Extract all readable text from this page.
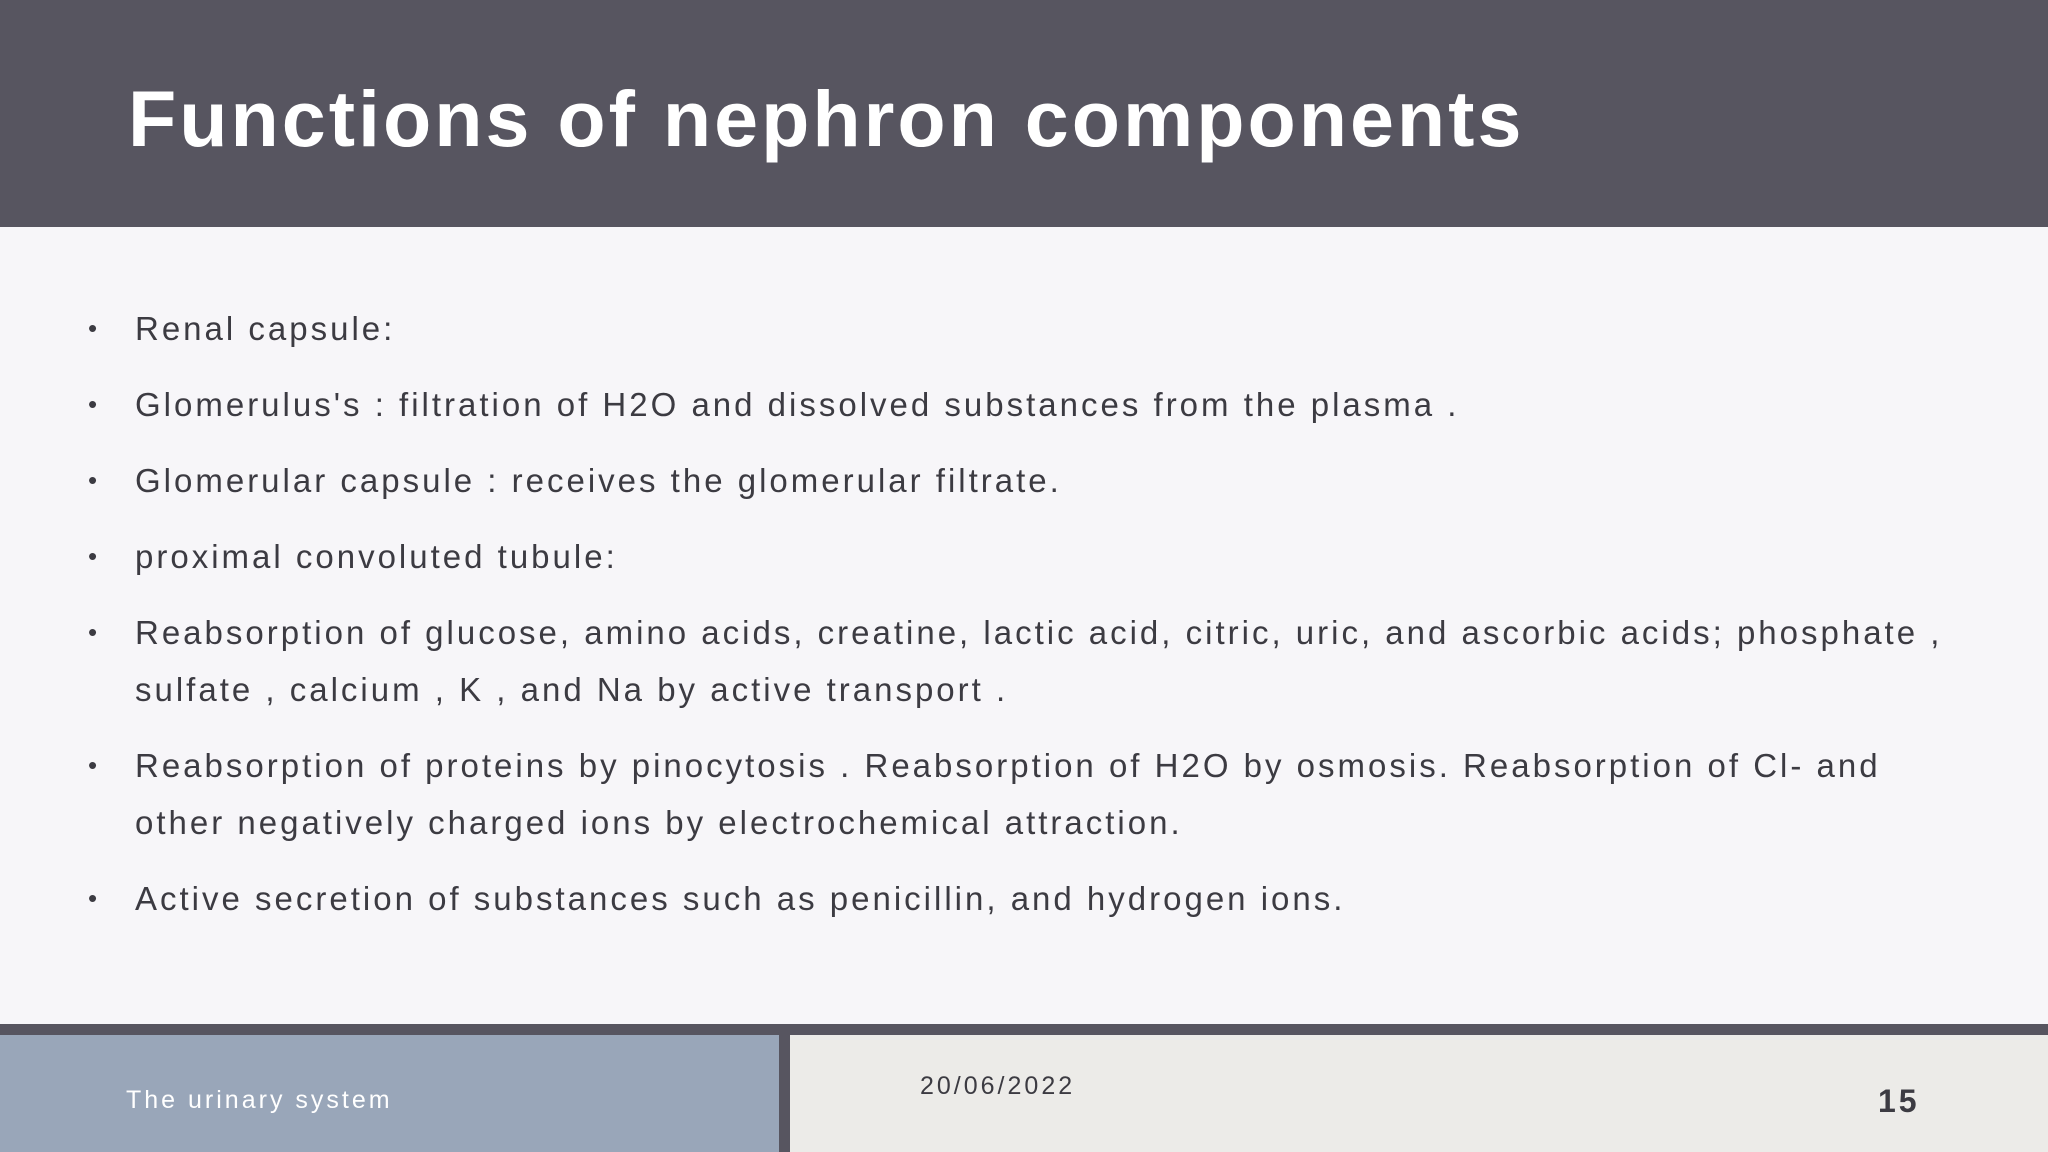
Functions of nephron components
• Renal capsule:
• Glomerulus's : filtration of H2O and dissolved substances from the plasma .
• Glomerular capsule : receives the glomerular filtrate.
• proximal convoluted tubule:
• Reabsorption of glucose, amino acids, creatine, lactic acid, citric, uric, and ascorbic acids; phosphate , sulfate , calcium , K , and Na by active transport .
• Reabsorption of proteins by pinocytosis . Reabsorption of H2O by osmosis. Reabsorption of Cl- and other negatively charged ions by electrochemical attraction.
• Active secretion of substances such as penicillin, and hydrogen ions.
The urinary system	20/06/2022	15
